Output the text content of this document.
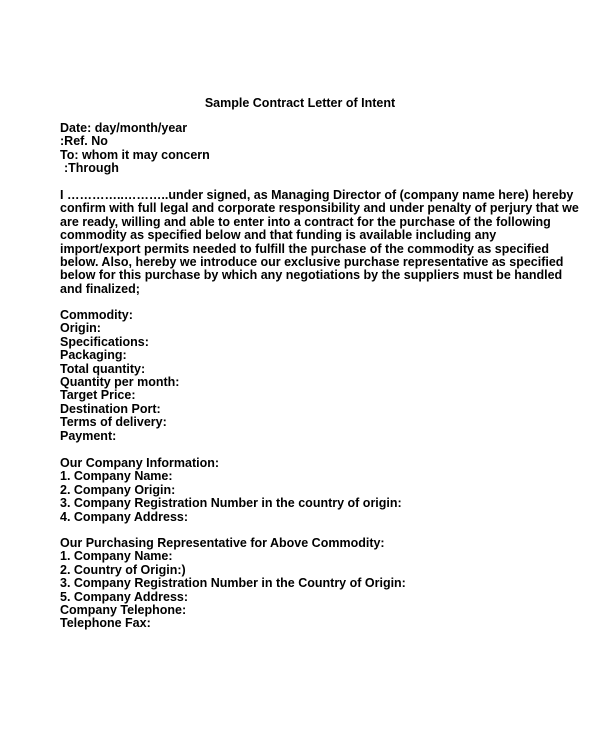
Sample Contract Letter of Intent
Date: day/month/year
:Ref. No
To: whom it may concern
:Through
I …………..………..under signed, as Managing Director of (company name here) hereby
confirm with full legal and corporate responsibility and under penalty of perjury that we
are ready, willing and able to enter into a contract for the purchase of the following
commodity as specified below and that funding is available including any
import/export permits needed to fulfill the purchase of the commodity as specified
below. Also, hereby we introduce our exclusive purchase representative as specified
below for this purchase by which any negotiations by the suppliers must be handled
and finalized;
Commodity:
Origin:
Specifications:
Packaging:
Total quantity:
Quantity per month:
Target Price:
Destination Port:
Terms of delivery:
Payment:
Our Company Information:
1. Company Name:
2. Company Origin:
3. Company Registration Number in the country of origin:
4. Company Address:
Our Purchasing Representative for Above Commodity:
1. Company Name:
2. Country of Origin:)
3. Company Registration Number in the Country of Origin:
5. Company Address:
Company Telephone:
Telephone Fax:
